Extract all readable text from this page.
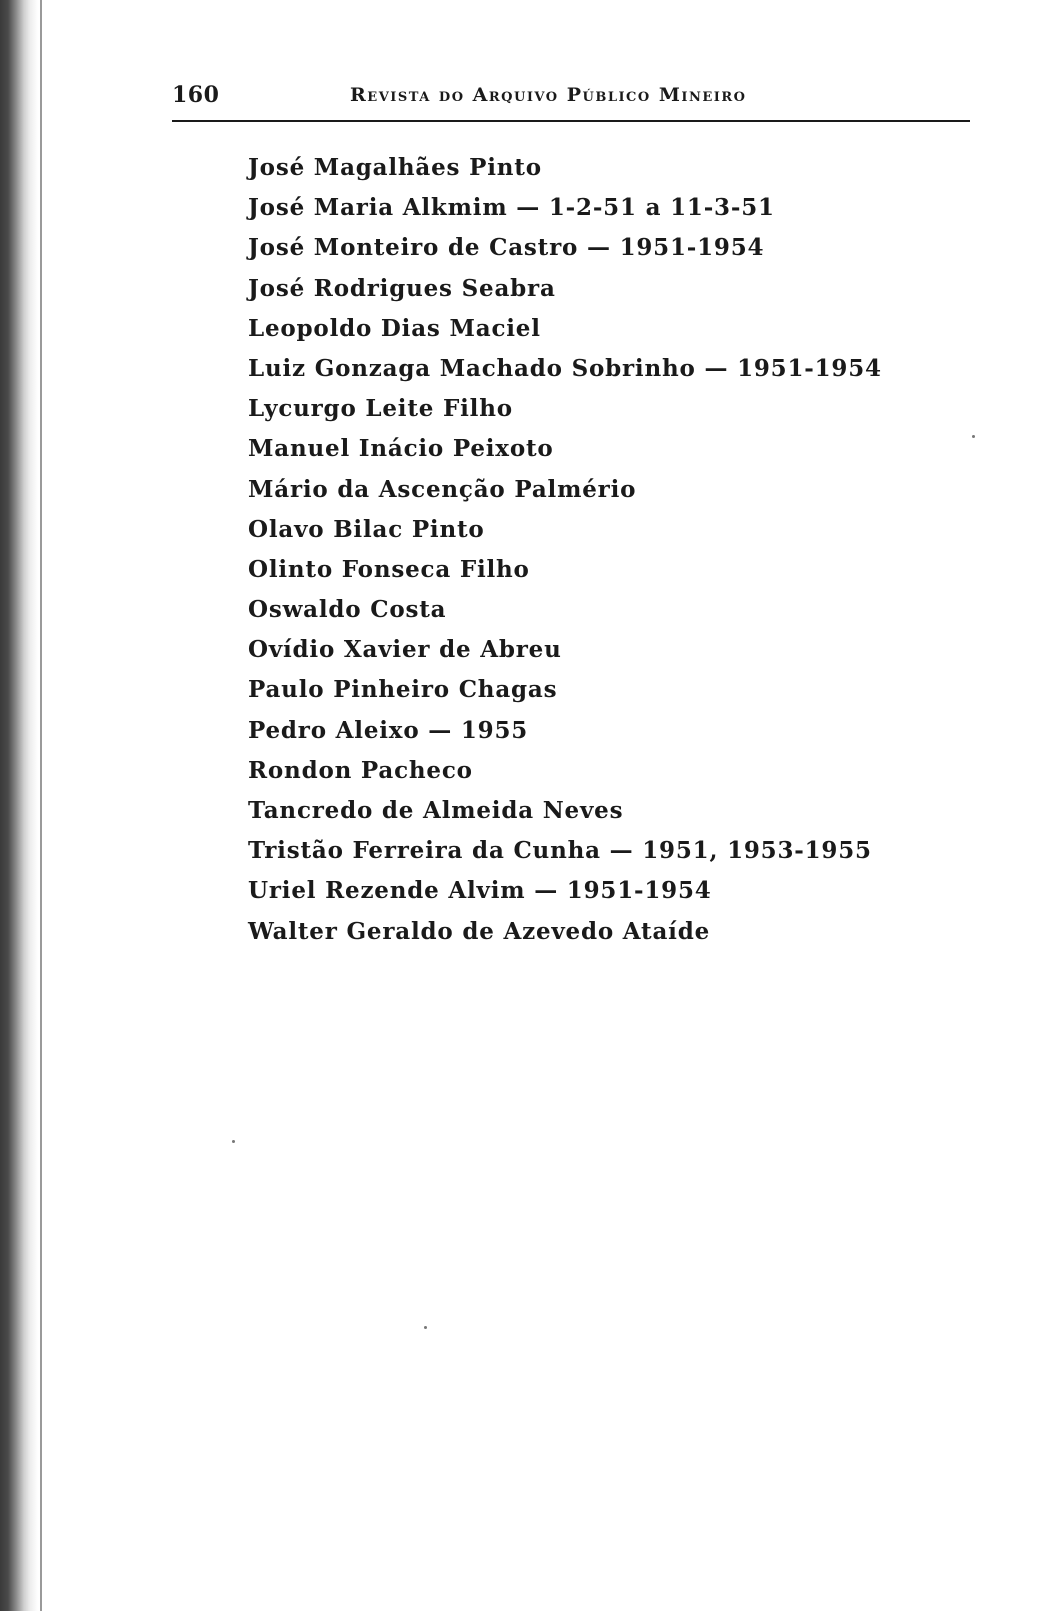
160	Revista do Arquivo Público Mineiro
José Magalhães Pinto
José Maria Alkmim — 1-2-51 a 11-3-51
José Monteiro de Castro — 1951-1954
José Rodrigues Seabra
Leopoldo Dias Maciel
Luiz Gonzaga Machado Sobrinho — 1951-1954
Lycurgo Leite Filho
Manuel Inácio Peixoto
Mário da Ascenção Palmério
Olavo Bilac Pinto
Olinto Fonseca Filho
Oswaldo Costa
Ovídio Xavier de Abreu
Paulo Pinheiro Chagas
Pedro Aleixo — 1955
Rondon Pacheco
Tancredo de Almeida Neves
Tristão Ferreira da Cunha — 1951, 1953-1955
Uriel Rezende Alvim — 1951-1954
Walter Geraldo de Azevedo Ataíde
